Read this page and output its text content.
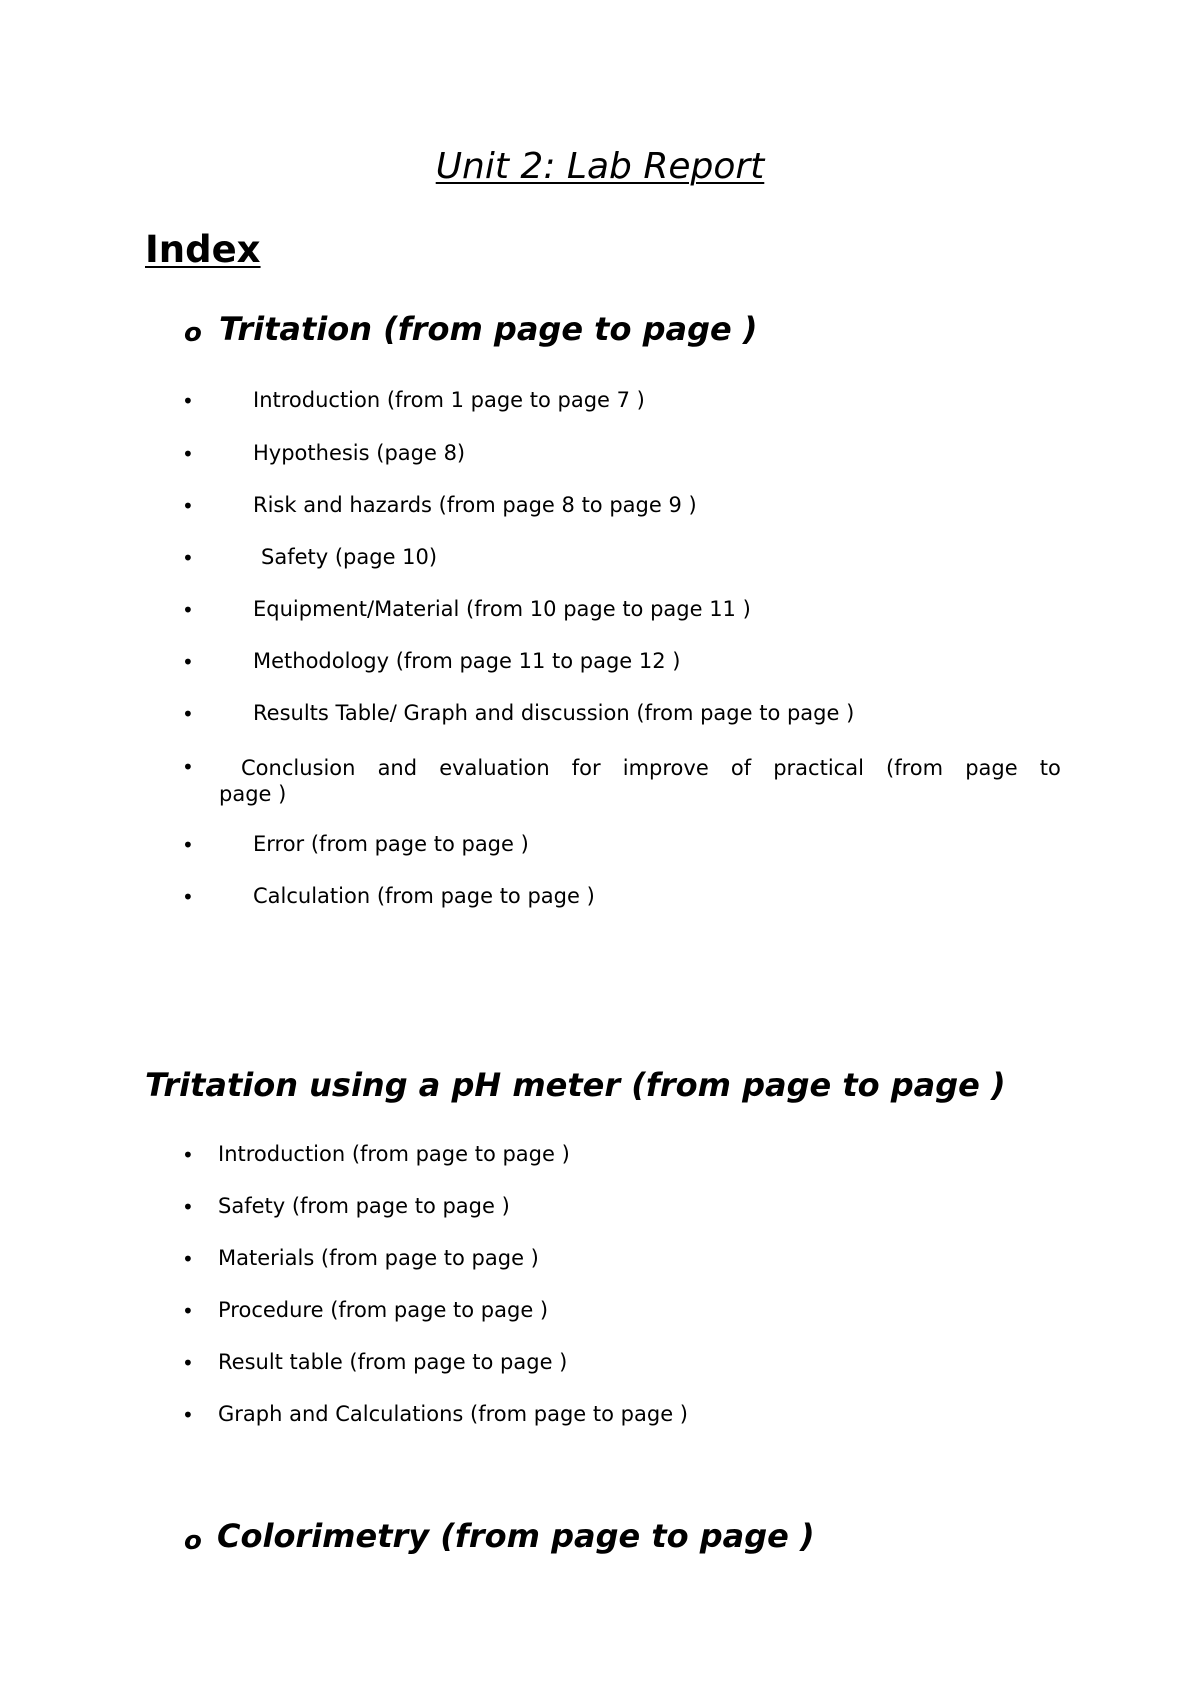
Unit 2: Lab Report
Index
o Tritation (from page to page )
•	Introduction (from 1 page to page 7 )
•	Hypothesis (page 8)
•	Risk and hazards (from page 8 to page 9 )
•	Safety (page 10)
•	Equipment/Material (from 10 page to page 11 )
•	Methodology (from page 11 to page 12 )
•	Results Table/ Graph and discussion (from page to page )
•	Conclusion and evaluation for improve of practical (from page to
page )
•	Error (from page to page )
•	Calculation (from page to page )
Tritation using a pH meter (from page to page )
• Introduction (from page to page )
• Safety (from page to page )
• Materials (from page to page )
• Procedure (from page to page )
• Result table (from page to page )
• Graph and Calculations (from page to page )
o Colorimetry (from page to page )
